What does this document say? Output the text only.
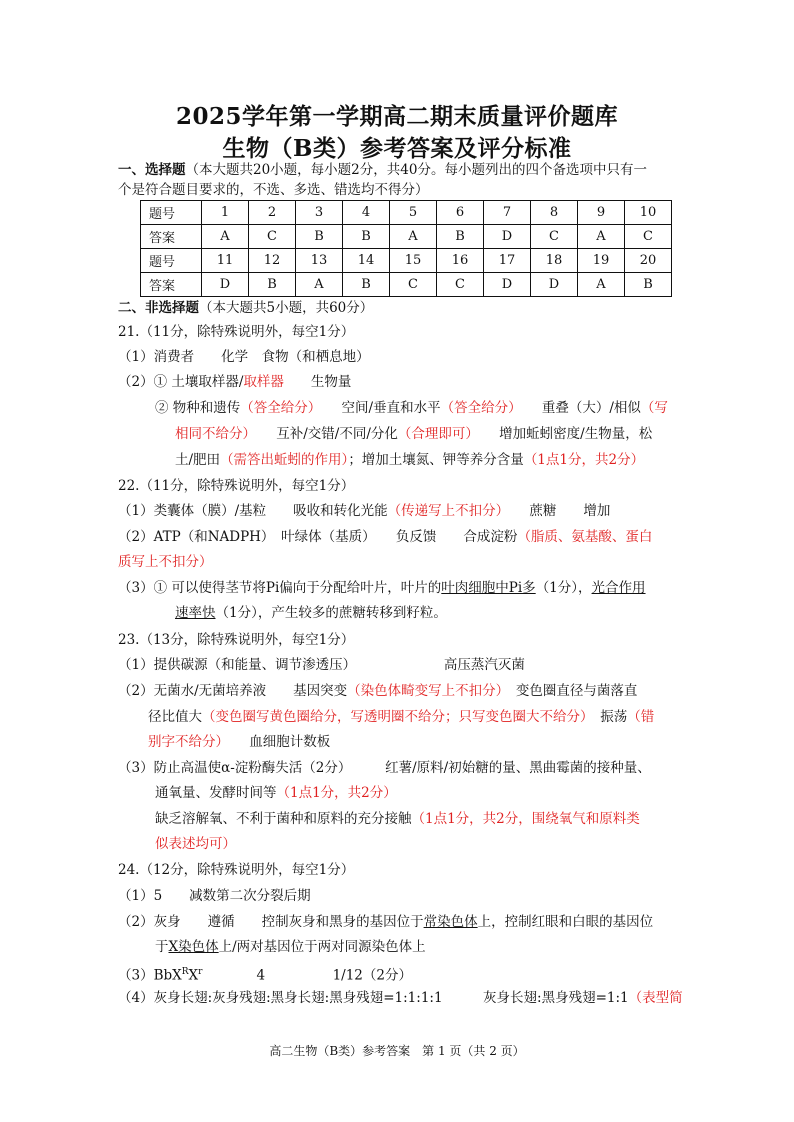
2025学年第一学期高二期末质量评价题库
生物（B类）参考答案及评分标准
一、选择题（本大题共20小题，每小题2分，共40分。每小题列出的四个备选项中只有一
个是符合题目要求的，不选、多选、错选均不得分）
题号	1	2	3	4	5	6	7	8	9	10
答案	A	C	B	B	A	B	D	C	A	C
题号	11	12	13	14	15	16	17	18	19	20
答案	D	B	A	B	C	C	D	D	A	B
二、非选择题（本大题共5小题，共60分）
21.（11分，除特殊说明外，每空1分）
（1）消费者　　化学　食物（和栖息地）
（2）① 土壤取样器/取样器　　生物量
② 物种和遗传（答全给分）　　空间/垂直和水平（答全给分）　　重叠（大）/相似（写
相同不给分）　　互补/交错/不同/分化（合理即可）　　增加蚯蚓密度/生物量，松
土/肥田（需答出蚯蚓的作用）；增加土壤氮、钾等养分含量（1点1分，共2分）
22.（11分，除特殊说明外，每空1分）
（1）类囊体（膜）/基粒　　吸收和转化光能（传递写上不扣分）　　蔗糖　　增加
（2）ATP（和NADPH）　叶绿体（基质）　　负反馈　　合成淀粉（脂质、氨基酸、蛋白
质写上不扣分）
（3）① 可以使得茎节将Pi偏向于分配给叶片，叶片的叶肉细胞中Pi多（1分），光合作用
速率快（1分），产生较多的蔗糖转移到籽粒。
23.（13分，除特殊说明外，每空1分）
（1）提供碳源（和能量、调节渗透压）　　　　　　　高压蒸汽灭菌
（2）无菌水/无菌培养液　　基因突变（染色体畸变写上不扣分）　变色圈直径与菌落直
径比值大（变色圈写黄色圈给分，写透明圈不给分；只写变色圈大不给分）　振荡（错
别字不给分）　　血细胞计数板
（3）防止高温使α-淀粉酶失活（2分）　　　红薯/原料/初始糖的量、黑曲霉菌的接种量、
通氧量、发酵时间等（1点1分，共2分）
缺乏溶解氧、不利于菌种和原料的充分接触（1点1分，共2分，围绕氧气和原料类
似表述均可）
24.（12分，除特殊说明外，每空1分）
（1）5　　减数第二次分裂后期
（2）灰身　　遵循　　控制灰身和黑身的基因位于常染色体上，控制红眼和白眼的基因位
于X染色体上/两对基因位于两对同源染色体上
$(3)BbX^RX^r$　　　　4　　　　　1/12（2分）
（4）灰身长翅:灰身残翅:黑身长翅:黑身残翅=1:1:1:1　　　灰身长翅:黑身残翅=1:1（表型简
高二生物（B类）参考答案　第 1 页（共 2 页）
